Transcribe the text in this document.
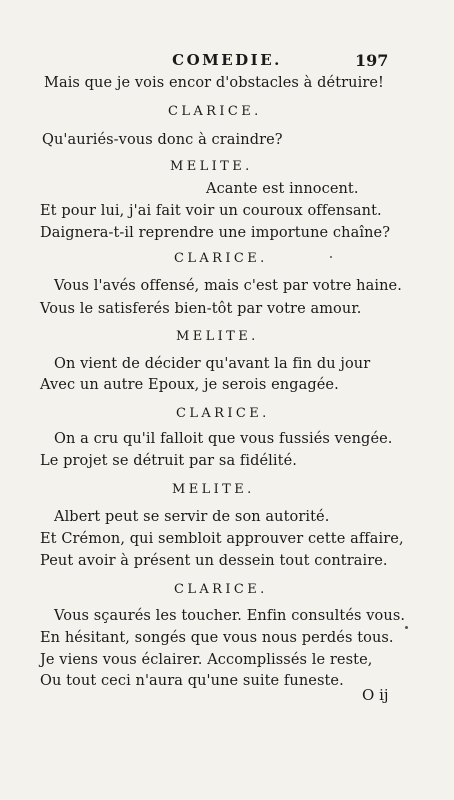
COMEDIE.	197
Mais que je vois encor d'obstacles à détruire!
CLARICE.
Qu'auriés-vous donc à craindre?
MELITE.
Acante est innocent.
Et pour lui, j'ai fait voir un couroux offensant.
Daignera-t-il reprendre une importune chaîne?
CLARICE.
Vous l'avés offensé, mais c'est par votre haine.
Vous le satisferés bien-tôt par votre amour.
MELITE.
On vient de décider qu'avant la fin du jour
Avec un autre Epoux, je serois engagée.
CLARICE.
On a cru qu'il falloit que vous fussiés vengée.
Le projet se détruit par sa fidélité.
MELITE.
Albert peut se servir de son autorité.
Et Crémon, qui sembloit approuver cette affaire,
Peut avoir à présent un dessein tout contraire.
CLARICE.
Vous sçaurés les toucher. Enfin consultés vous.
En hésitant, songés que vous nous perdés tous.
Je viens vous éclairer. Accomplissés le reste,
Ou tout ceci n'aura qu'une suite funeste.
O ij
